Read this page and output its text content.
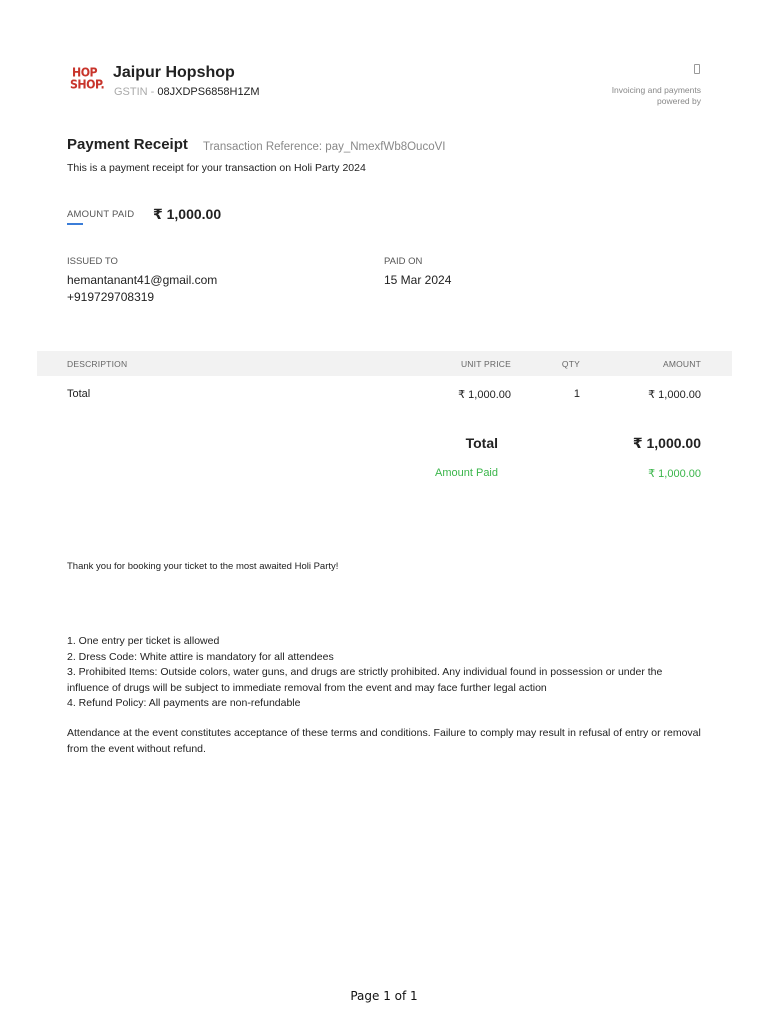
HOP
SHOP.
Jaipur Hopshop
GSTIN - 08JXDPS6858H1ZM	Invoicing and payments
powered by
Payment Receipt Transaction Reference: pay_NmexfWb8OucoVI
This is a payment receipt for your transaction on Holi Party 2024
AMOUNT PAID ₹ 1,000.00
ISSUED TO
hemantanant41@gmail.com
+919729708319
PAID ON
15 Mar 2024
DESCRIPTION	UNIT PRICE	QTY	AMOUNT
Total	₹ 1,000.00	1	₹ 1,000.00
Total	₹ 1,000.00
Amount Paid	₹ 1,000.00
Thank you for booking your ticket to the most awaited Holi Party!
1. One entry per ticket is allowed
2. Dress Code: White attire is mandatory for all attendees
3. Prohibited Items: Outside colors, water guns, and drugs are strictly prohibited. Any individual found in possession or under the influence of drugs will be subject to immediate removal from the event and may face further legal action
4. Refund Policy: All payments are non-refundable
Attendance at the event constitutes acceptance of these terms and conditions. Failure to comply may result in refusal of entry or removal from the event without refund.
Page 1 of 1
